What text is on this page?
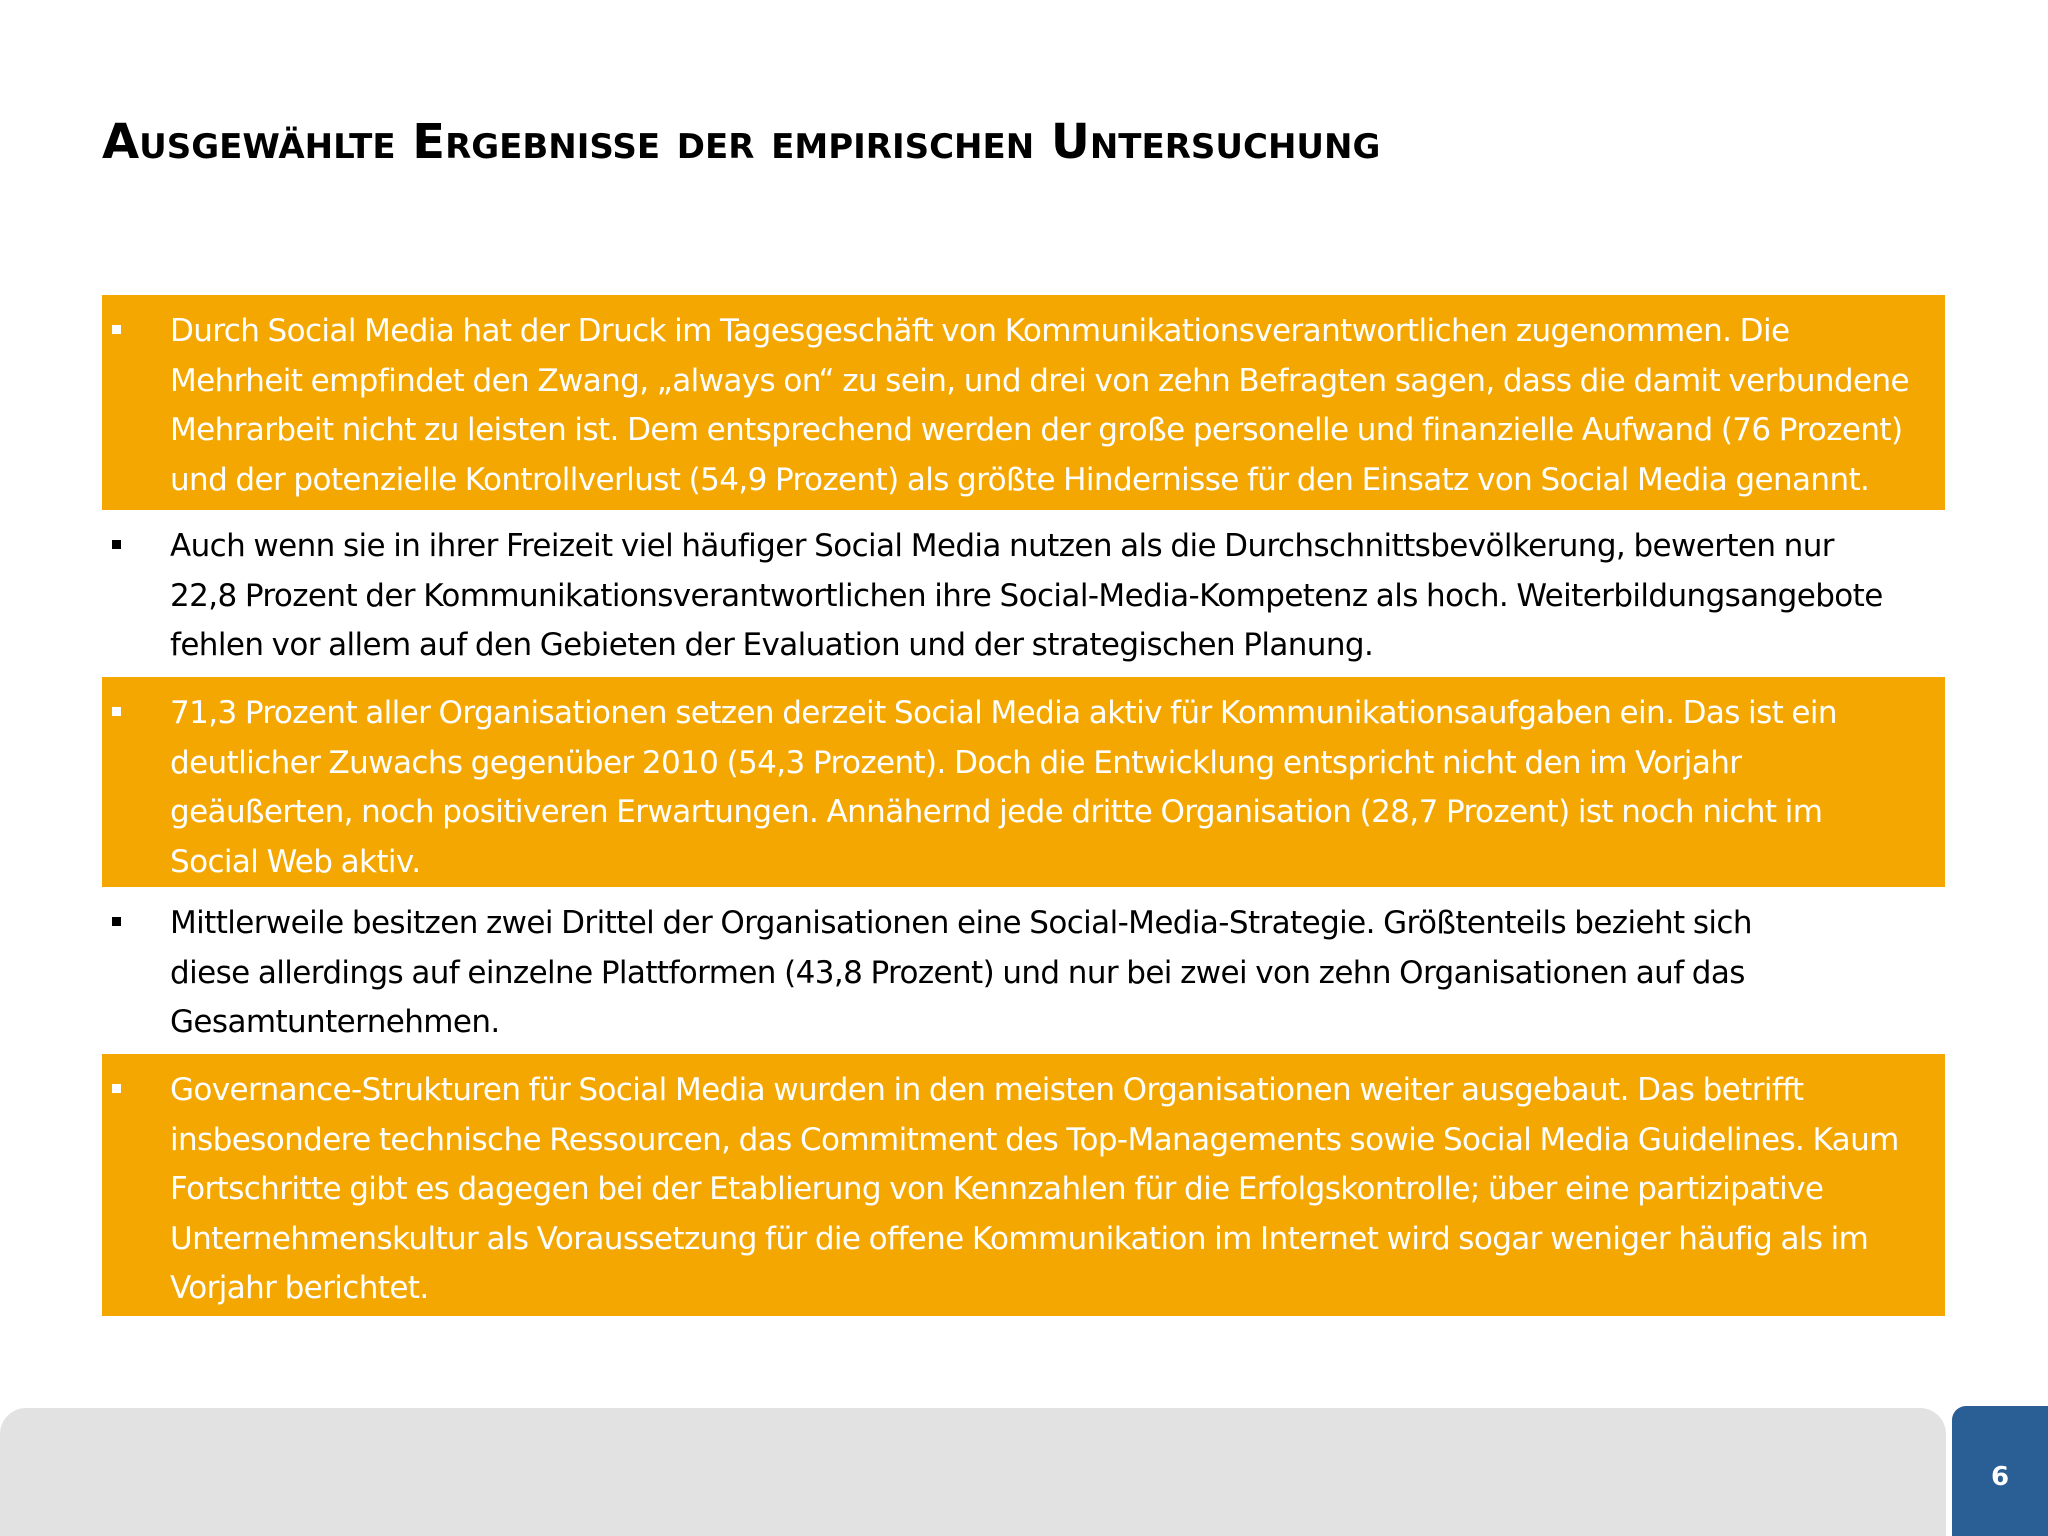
Ausgewählte Ergebnisse der empirischen Untersuchung
Durch Social Media hat der Druck im Tagesgeschäft von Kommunikationsverantwortlichen zugenommen. Die
Mehrheit empfindet den Zwang, „always on“ zu sein, und drei von zehn Befragten sagen, dass die damit verbundene
Mehrarbeit nicht zu leisten ist. Dem entsprechend werden der große personelle und finanzielle Aufwand (76 Prozent)
und der potenzielle Kontrollverlust (54,9 Prozent) als größte Hindernisse für den Einsatz von Social Media genannt.
Auch wenn sie in ihrer Freizeit viel häufiger Social Media nutzen als die Durchschnittsbevölkerung, bewerten nur
22,8 Prozent der Kommunikationsverantwortlichen ihre Social-Media-Kompetenz als hoch. Weiterbildungsangebote
fehlen vor allem auf den Gebieten der Evaluation und der strategischen Planung.
71,3 Prozent aller Organisationen setzen derzeit Social Media aktiv für Kommunikationsaufgaben ein. Das ist ein
deutlicher Zuwachs gegenüber 2010 (54,3 Prozent). Doch die Entwicklung entspricht nicht den im Vorjahr
geäußerten, noch positiveren Erwartungen. Annähernd jede dritte Organisation (28,7 Prozent) ist noch nicht im
Social Web aktiv.
Mittlerweile besitzen zwei Drittel der Organisationen eine Social-Media-Strategie. Größtenteils bezieht sich
diese allerdings auf einzelne Plattformen (43,8 Prozent) und nur bei zwei von zehn Organisationen auf das
Gesamtunternehmen.
Governance-Strukturen für Social Media wurden in den meisten Organisationen weiter ausgebaut. Das betrifft
insbesondere technische Ressourcen, das Commitment des Top-Managements sowie Social Media Guidelines. Kaum
Fortschritte gibt es dagegen bei der Etablierung von Kennzahlen für die Erfolgskontrolle; über eine partizipative
Unternehmenskultur als Voraussetzung für die offene Kommunikation im Internet wird sogar weniger häufig als im
Vorjahr berichtet.
6
